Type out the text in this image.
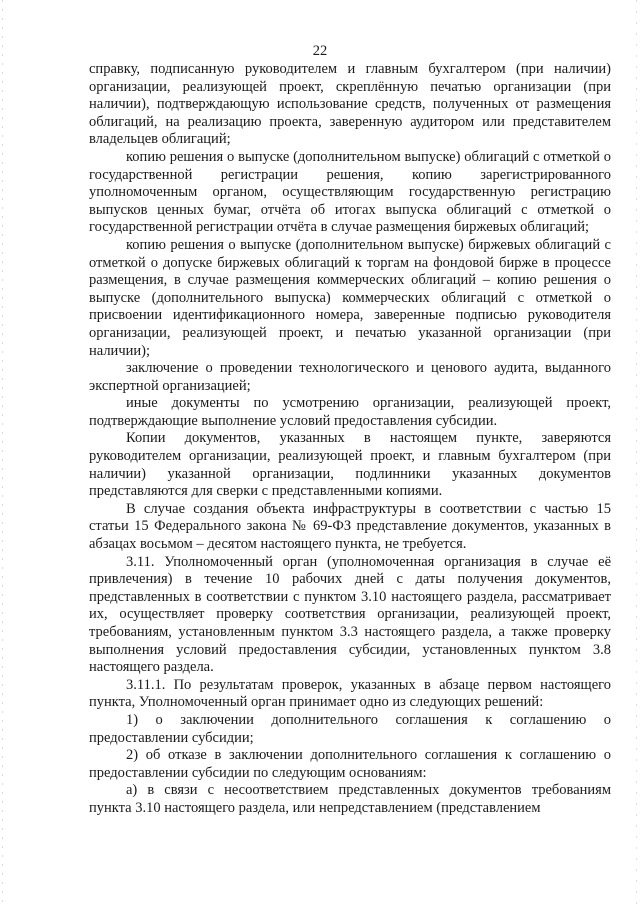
22

справку, подписанную руководителем и главным бухгалтером (при наличии) организации, реализующей проект, скреплённую печатью организации (при наличии), подтверждающую использование средств, полученных от размещения облигаций, на реализацию проекта, заверенную аудитором или представителем владельцев облигаций;

копию решения о выпуске (дополнительном выпуске) облигаций с отметкой о государственной регистрации решения, копию зарегистрированного уполномоченным органом, осуществляющим государственную регистрацию выпусков ценных бумаг, отчёта об итогах выпуска облигаций с отметкой о государственной регистрации отчёта в случае размещения биржевых облигаций;

копию решения о выпуске (дополнительном выпуске) биржевых облигаций с отметкой о допуске биржевых облигаций к торгам на фондовой бирже в процессе размещения, в случае размещения коммерческих облигаций – копию решения о выпуске (дополнительного выпуска) коммерческих облигаций с отметкой о присвоении идентификационного номера, заверенные подписью руководителя организации, реализующей проект, и печатью указанной организации (при наличии);

заключение о проведении технологического и ценового аудита, выданного экспертной организацией;

иные документы по усмотрению организации, реализующей проект, подтверждающие выполнение условий предоставления субсидии.

Копии документов, указанных в настоящем пункте, заверяются руководителем организации, реализующей проект, и главным бухгалтером (при наличии) указанной организации, подлинники указанных документов представляются для сверки с представленными копиями.

В случае создания объекта инфраструктуры в соответствии с частью 15 статьи 15 Федерального закона № 69-ФЗ представление документов, указанных в абзацах восьмом – десятом настоящего пункта, не требуется.

3.11. Уполномоченный орган (уполномоченная организация в случае её привлечения) в течение 10 рабочих дней с даты получения документов, представленных в соответствии с пунктом 3.10 настоящего раздела, рассматривает их, осуществляет проверку соответствия организации, реализующей проект, требованиям, установленным пунктом 3.3 настоящего раздела, а также проверку выполнения условий предоставления субсидии, установленных пунктом 3.8 настоящего раздела.

3.11.1. По результатам проверок, указанных в абзаце первом настоящего пункта, Уполномоченный орган принимает одно из следующих решений:

1) о заключении дополнительного соглашения к соглашению о предоставлении субсидии;

2) об отказе в заключении дополнительного соглашения к соглашению о предоставлении субсидии по следующим основаниям:

а) в связи с несоответствием представленных документов требованиям пункта 3.10 настоящего раздела, или непредставлением (представлением
